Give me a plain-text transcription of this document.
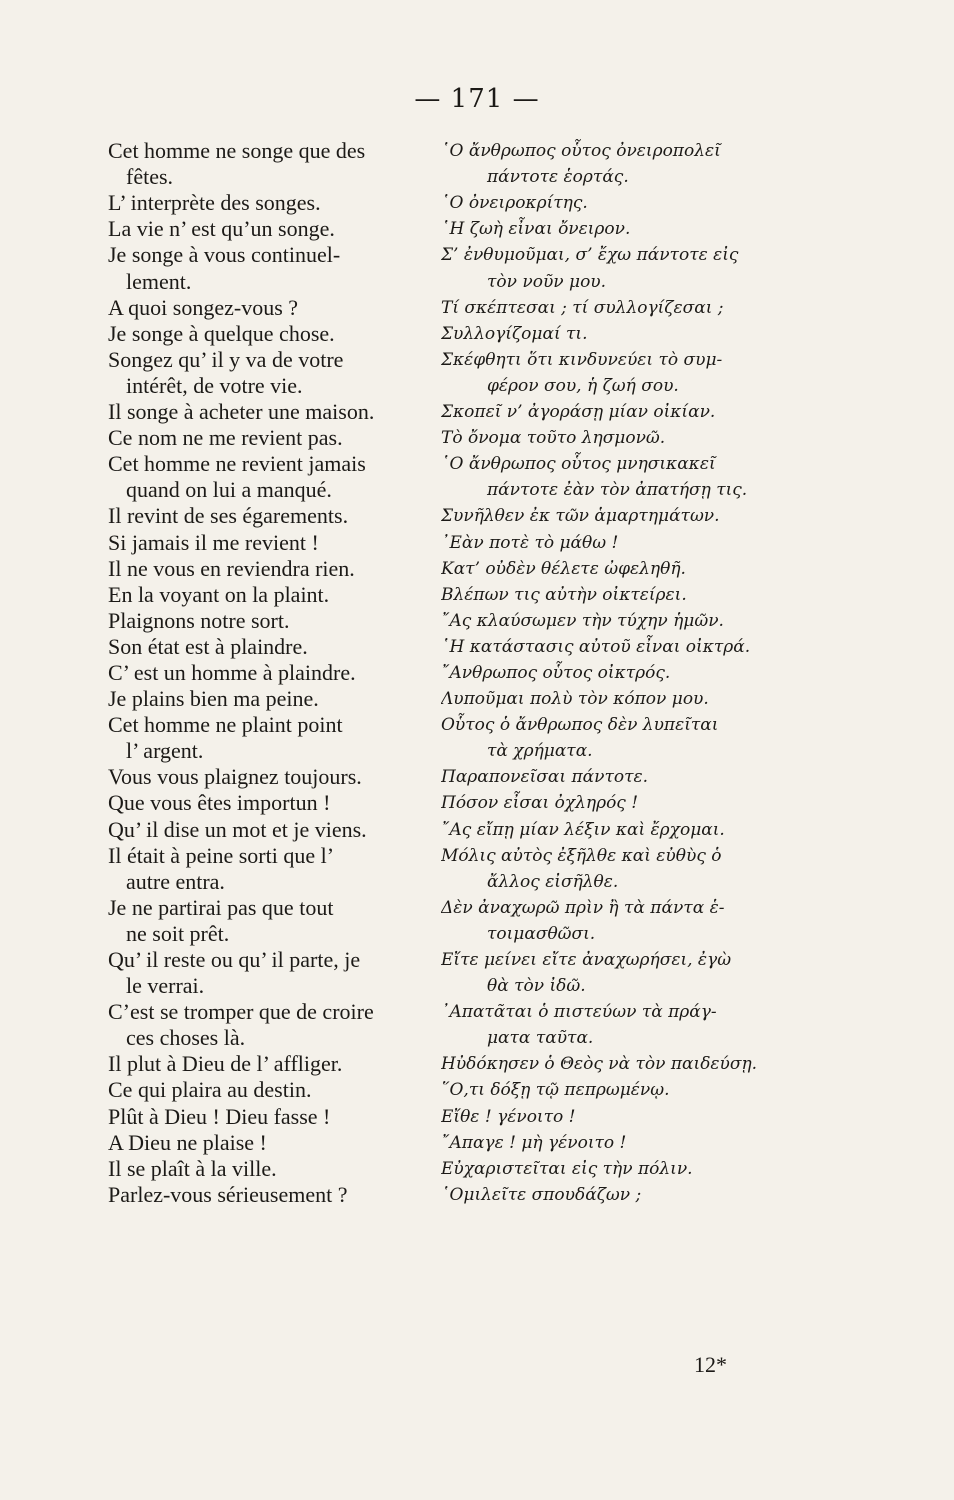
— 171 —
Cet homme ne songe que des	῾Ο ἄνθρωπος οὗτος ὀνειροπολεῖ
fêtes.	πάντοτε ἑορτάς.
L’ interprète des songes.	῾Ο ὀνειροκρίτης.
La vie n’ est qu’un songe.	῾Η ζωὴ εἶναι ὄνειρον.
Je songe à vous continuel-	Σ’ ἐνθυμοῦμαι, σ’ ἔχω πάντοτε εἰς
lement.	τὸν νοῦν μου.
A quoi songez-vous ?	Τί σκέπτεσαι ; τί συλλογίζεσαι ;
Je songe à quelque chose.	Συλλογίζομαί τι.
Songez qu’ il y va de votre	Σκέφθητι ὅτι κινδυνεύει τὸ συμ-
intérêt, de votre vie.	φέρον σου, ἡ ζωή σου.
Il songe à acheter une maison.	Σκοπεῖ ν’ ἀγοράσῃ μίαν οἰκίαν.
Ce nom ne me revient pas.	Τὸ ὄνομα τοῦτο λησμονῶ.
Cet homme ne revient jamais	῾Ο ἄνθρωπος οὗτος μνησικακεῖ
quand on lui a manqué.	πάντοτε ἐὰν τὸν ἀπατήσῃ τις.
Il revint de ses égarements.	Συνῆλθεν ἐκ τῶν ἁμαρτημάτων.
Si jamais il me revient !	᾿Εὰν ποτὲ τὸ μάθω !
Il ne vous en reviendra rien.	Κατ’ οὐδὲν θέλετε ὠφεληθῆ.
En la voyant on la plaint.	Βλέπων τις αὐτὴν οἰκτείρει.
Plaignons notre sort.	῎Ας κλαύσωμεν τὴν τύχην ἡμῶν.
Son état est à plaindre.	῾Η κατάστασις αὐτοῦ εἶναι οἰκτρά.
C’ est un homme à plaindre.	῎Ανθρωπος οὗτος οἰκτρός.
Je plains bien ma peine.	Λυποῦμαι πολὺ τὸν κόπον μου.
Cet homme ne plaint point	Οὗτος ὁ ἄνθρωπος δὲν λυπεῖται
l’ argent.	τὰ χρήματα.
Vous vous plaignez toujours.	Παραπονεῖσαι πάντοτε.
Que vous êtes importun !	Πόσον εἶσαι ὀχληρός !
Qu’ il dise un mot et je viens.	῎Ας εἴπῃ μίαν λέξιν καὶ ἔρχομαι.
Il était à peine sorti que l’	Μόλις αὐτὸς ἐξῆλθε καὶ εὐθὺς ὁ
autre entra.	ἄλλος εἰσῆλθε.
Je ne partirai pas que tout	Δὲν ἀναχωρῶ πρὶν ἢ τὰ πάντα ἑ-
ne soit prêt.	τοιμασθῶσι.
Qu’ il reste ou qu’ il parte, je	Εἴτε μείνει εἴτε ἀναχωρήσει, ἐγὼ
le verrai.	θὰ τὸν ἰδῶ.
C’est se tromper que de croire	᾿Απατᾶται ὁ πιστεύων τὰ πράγ-
ces choses là.	ματα ταῦτα.
Il plut à Dieu de l’ affliger.	Ηὐδόκησεν ὁ Θεὸς νὰ τὸν παιδεύσῃ.
Ce qui plaira au destin.	῞Ο,τι δόξῃ τῷ πεπρωμένῳ.
Plût à Dieu ! Dieu fasse !	Εἴθε ! γένοιτο !
A Dieu ne plaise !	῎Απαγε ! μὴ γένοιτο !
Il se plaît à la ville.	Εὐχαριστεῖται εἰς τὴν πόλιν.
Parlez-vous sérieusement ?	῾Ομιλεῖτε σπουδάζων ;
12*
